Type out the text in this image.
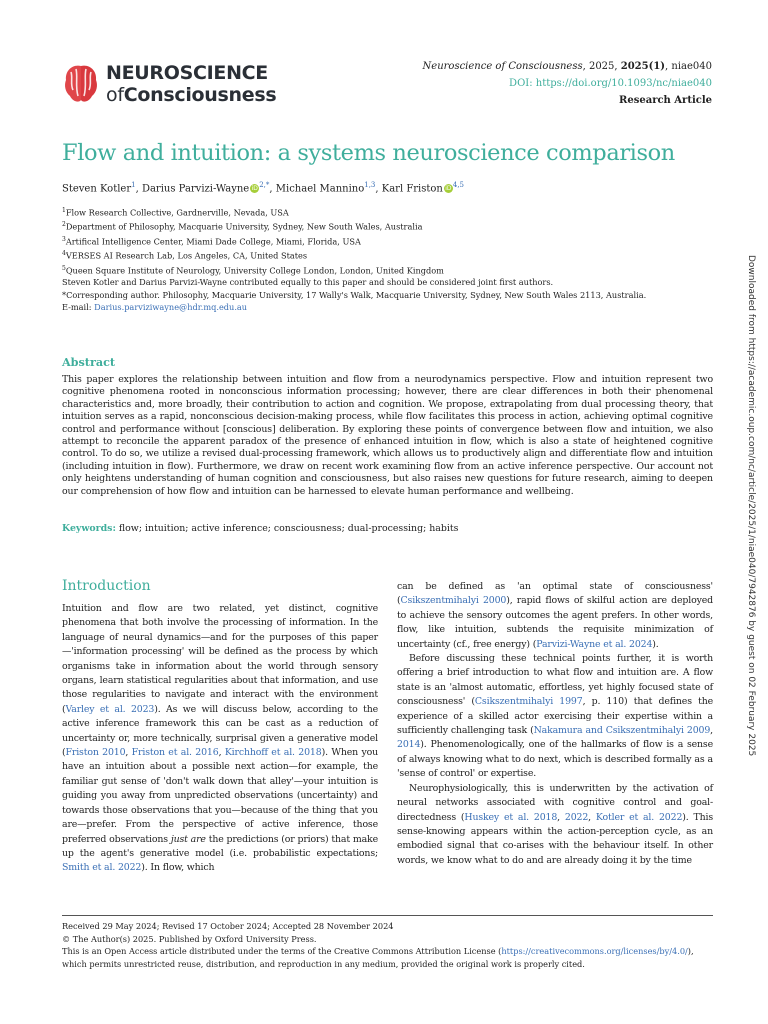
NEUROSCIENCE
ofConsciousness
Neuroscience of Consciousness, 2025, 2025(1), niae040
DOI: https://doi.org/10.1093/nc/niae040
Research Article
Flow and intuition: a systems neuroscience comparison
Steven Kotler$^1$, Darius Parvizi-Wayne $iD^{2,*}$, Michael Mannino$^{1,3}$, Karl Friston iD$^{4,5}$
$^1$Flow Research Collective, Gardnerville, Nevada, USA
$^2$Department of Philosophy, Macquarie University, Sydney, New South Wales, Australia
$^3$Artifical Intelligence Center, Miami Dade College, Miami, Florida, USA
$^4$VERSES AI Research Lab, Los Angeles, CA, United States
$^5$Queen Square Institute of Neurology, University College London, London, United Kingdom
Steven Kotler and Darius Parvizi-Wayne contributed equally to this paper and should be considered joint first authors.
*Corresponding author. Philosophy, Macquarie University, 17 Wally's Walk, Macquarie University, Sydney, New South Wales 2113, Australia.
E-mail: Darius.parviziwayne@hdr.mq.edu.au
Abstract
This paper explores the relationship between intuition and flow from a neurodynamics perspective. Flow and intuition represent two cognitive phenomena rooted in nonconscious information processing; however, there are clear differences in both their phenomenal characteristics and, more broadly, their contribution to action and cognition. We propose, extrapolating from dual processing theory, that intuition serves as a rapid, nonconscious decision-making process, while flow facilitates this process in action, achieving optimal cognitive control and performance without [conscious] deliberation. By exploring these points of convergence between flow and intuition, we also attempt to reconcile the apparent paradox of the presence of enhanced intuition in flow, which is also a state of heightened cognitive control. To do so, we utilize a revised dual-processing framework, which allows us to productively align and differentiate flow and intuition (including intuition in flow). Furthermore, we draw on recent work examining flow from an active inference perspective. Our account not only heightens understanding of human cognition and consciousness, but also raises new questions for future research, aiming to deepen our comprehension of how flow and intuition can be harnessed to elevate human performance and wellbeing.
Keywords: flow; intuition; active inference; consciousness; dual-processing; habits
Introduction

Intuition and flow are two related, yet distinct, cognitive phenomena that both involve the processing of information. In the language of neural dynamics—and for the purposes of this paper—'information processing' will be defined as the process by which organisms take in information about the world through sensory organs, learn statistical regularities about that information, and use those regularities to navigate and interact with the environment (Varley et al. 2023). As we will discuss below, according to the active inference framework this can be cast as a reduction of uncertainty or, more technically, surprisal given a generative model (Friston 2010, Friston et al. 2016, Kirchhoff et al. 2018). When you have an intuition about a possible next action—for example, the familiar gut sense of 'don't walk down that alley'—your intuition is guiding you away from unpredicted observations (uncertainty) and towards those observations that you—because of the thing that you are—prefer. From the perspective of active inference, those preferred observations just are the predictions (or priors) that make up the agent's generative model (i.e. probabilistic expectations; Smith et al. 2022). In flow, which

can be defined as 'an optimal state of consciousness' (Csikszentmihalyi 2000), rapid flows of skilful action are deployed to achieve the sensory outcomes the agent prefers. In other words, flow, like intuition, subtends the requisite minimization of uncertainty (cf., free energy) (Parvizi-Wayne et al. 2024).

Before discussing these technical points further, it is worth offering a brief introduction to what flow and intuition are. A flow state is an 'almost automatic, effortless, yet highly focused state of consciousness' (Csikszentmihalyi 1997, p. 110) that defines the experience of a skilled actor exercising their expertise within a sufficiently challenging task (Nakamura and Csikszentmihalyi 2009, 2014). Phenomenologically, one of the hallmarks of flow is a sense of always knowing what to do next, which is described formally as a 'sense of control' or expertise.

Neurophysiologically, this is underwritten by the activation of neural networks associated with cognitive control and goal-directedness (Huskey et al. 2018, 2022, Kotler et al. 2022). This sense-knowing appears within the action-perception cycle, as an embodied signal that co-arises with the behaviour itself. In other words, we know what to do and are already doing it by the time

Received 29 May 2024; Revised 17 October 2024; Accepted 28 November 2024
© The Author(s) 2025. Published by Oxford University Press.
This is an Open Access article distributed under the terms of the Creative Commons Attribution License (https://creativecommons.org/licenses/by/4.0/), which permits unrestricted reuse, distribution, and reproduction in any medium, provided the original work is properly cited.
Downloaded from https://academic.oup.com/nc/article/2025/1/niae040/7942876 by guest on 02 February 2025
